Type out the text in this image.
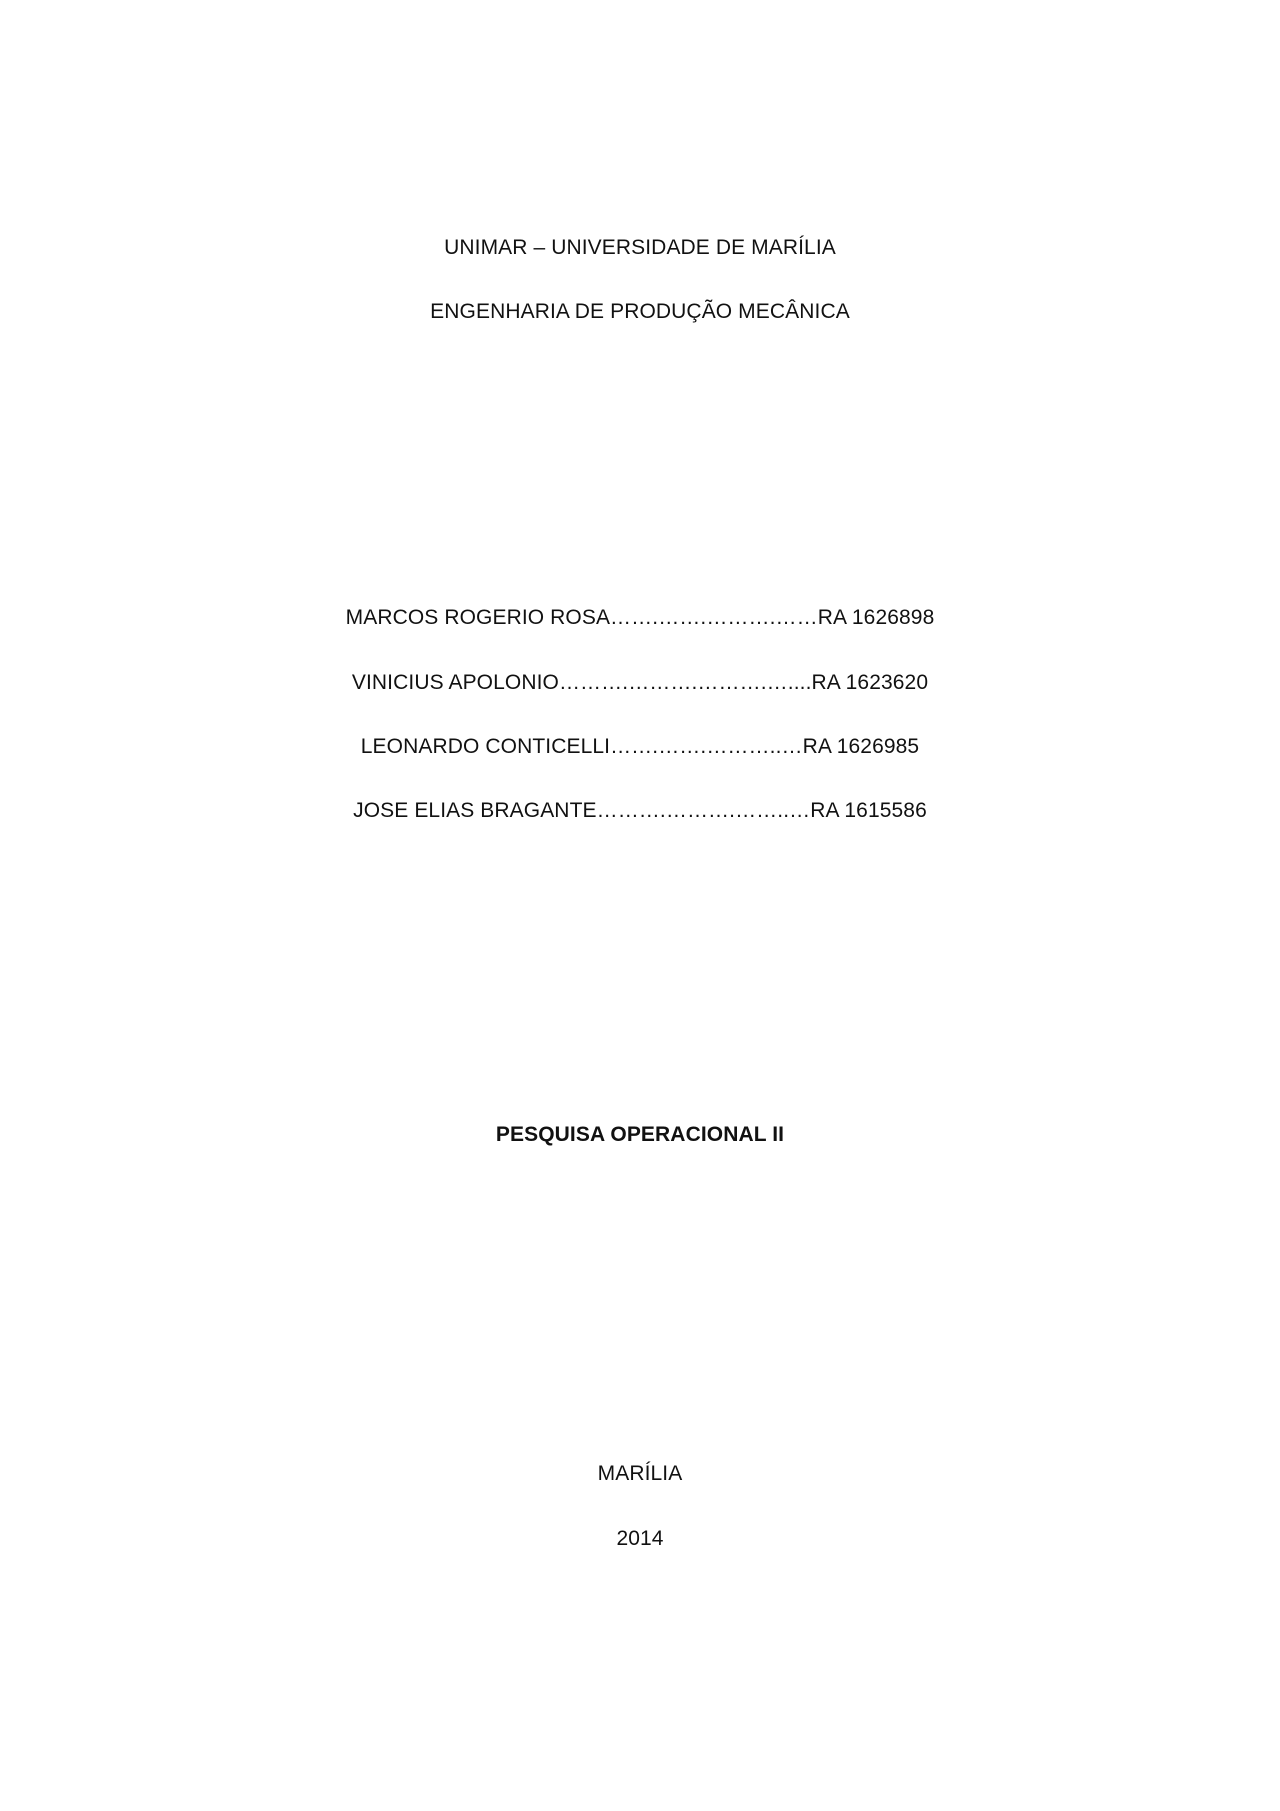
UNIMAR – UNIVERSIDADE DE MARÍLIA
ENGENHARIA DE PRODUÇÃO MECÂNICA
MARCOS ROGERIO ROSA…….…….……….……RA 1626898
VINICIUS APOLONIO……….……….……….…....RA 1623620
LEONARDO CONTICELLI…….…….………..…RA 1626985
JOSE ELIAS BRAGANTE……….……….……..…RA 1615586
PESQUISA OPERACIONAL II
MARÍLIA
2014
